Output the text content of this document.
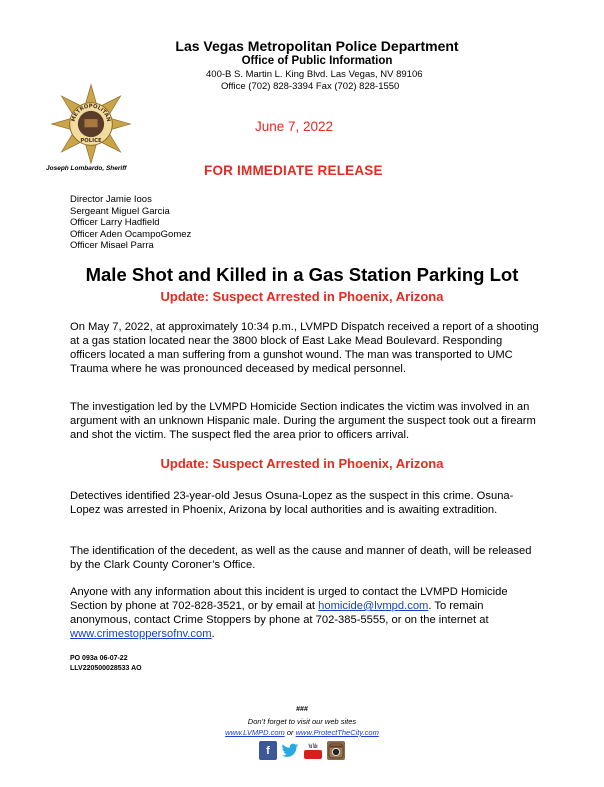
Las Vegas Metropolitan Police Department
Office of Public Information
400-B S. Martin L. King Blvd. Las Vegas, NV 89106
Office (702) 828-3394 Fax (702) 828-1550
METROPOLITAN
POLICE
Joseph Lombardo, Sheriff
June 7, 2022
FOR IMMEDIATE RELEASE
Director Jamie Ioos
Sergeant Miguel Garcia
Officer Larry Hadfield
Officer Aden OcampoGomez
Officer Misael Parra
Male Shot and Killed in a Gas Station Parking Lot
Update: Suspect Arrested in Phoenix, Arizona
On May 7, 2022, at approximately 10:34 p.m., LVMPD Dispatch received a report of a shooting at a gas station located near the 3800 block of East Lake Mead Boulevard. Responding officers located a man suffering from a gunshot wound. The man was transported to UMC Trauma where he was pronounced deceased by medical personnel.
The investigation led by the LVMPD Homicide Section indicates the victim was involved in an argument with an unknown Hispanic male. During the argument the suspect took out a firearm and shot the victim. The suspect fled the area prior to officers arrival.
Update: Suspect Arrested in Phoenix, Arizona
Detectives identified 23-year-old Jesus Osuna-Lopez as the suspect in this crime. Osuna-Lopez was arrested in Phoenix, Arizona by local authorities and is awaiting extradition.
The identification of the decedent, as well as the cause and manner of death, will be released by the Clark County Coroner’s Office.
Anyone with any information about this incident is urged to contact the LVMPD Homicide Section by phone at 702-828-3521, or by email at homicide@lvmpd.com. To remain anonymous, contact Crime Stoppers by phone at 702-385-5555, or on the internet at www.crimestoppersofnv.com.
PO 093a 06-07-22
LLV220500028533 AO
###
Don’t forget to visit our web sites
www.LVMPD.com or www.ProtectTheCity.com
f	You Tube
